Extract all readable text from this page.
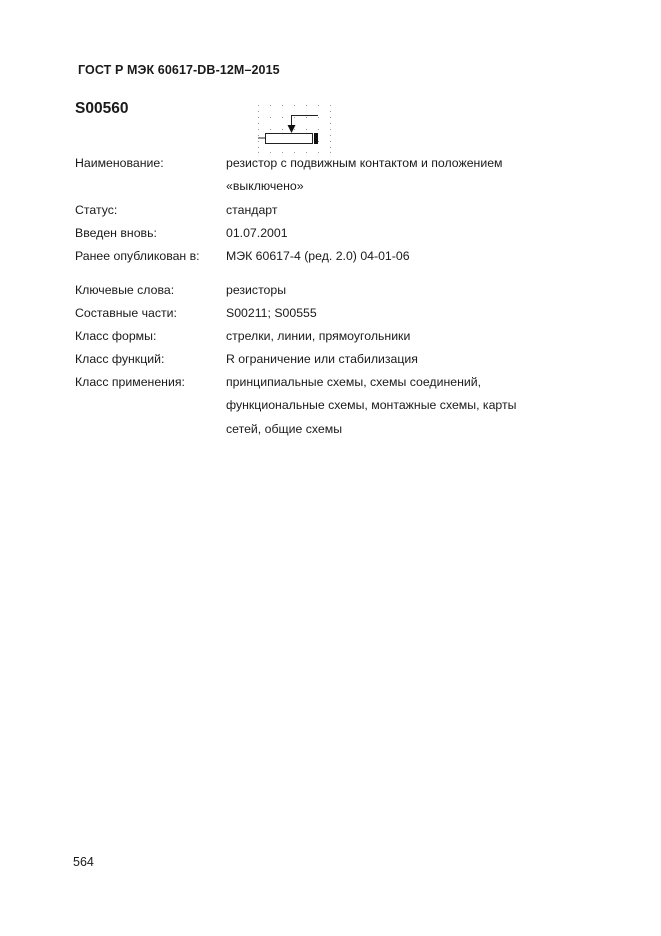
ГОСТ Р МЭК 60617-DB-12M–2015
S00560
Наименование:	резистор с подвижным контактом и положением
«выключено»
Статус:	стандарт
Введен вновь:	01.07.2001
Ранее опубликован в: МЭК 60617-4 (ред. 2.0) 04-01-06
Ключевые слова:	резисторы
Составные части:	S00211; S00555
Класс формы:	стрелки, линии, прямоугольники
Класс функций:	R ограничение или стабилизация
Класс применения:	принципиальные схемы, схемы соединений,
функциональные схемы, монтажные схемы, карты
сетей, общие схемы
564
